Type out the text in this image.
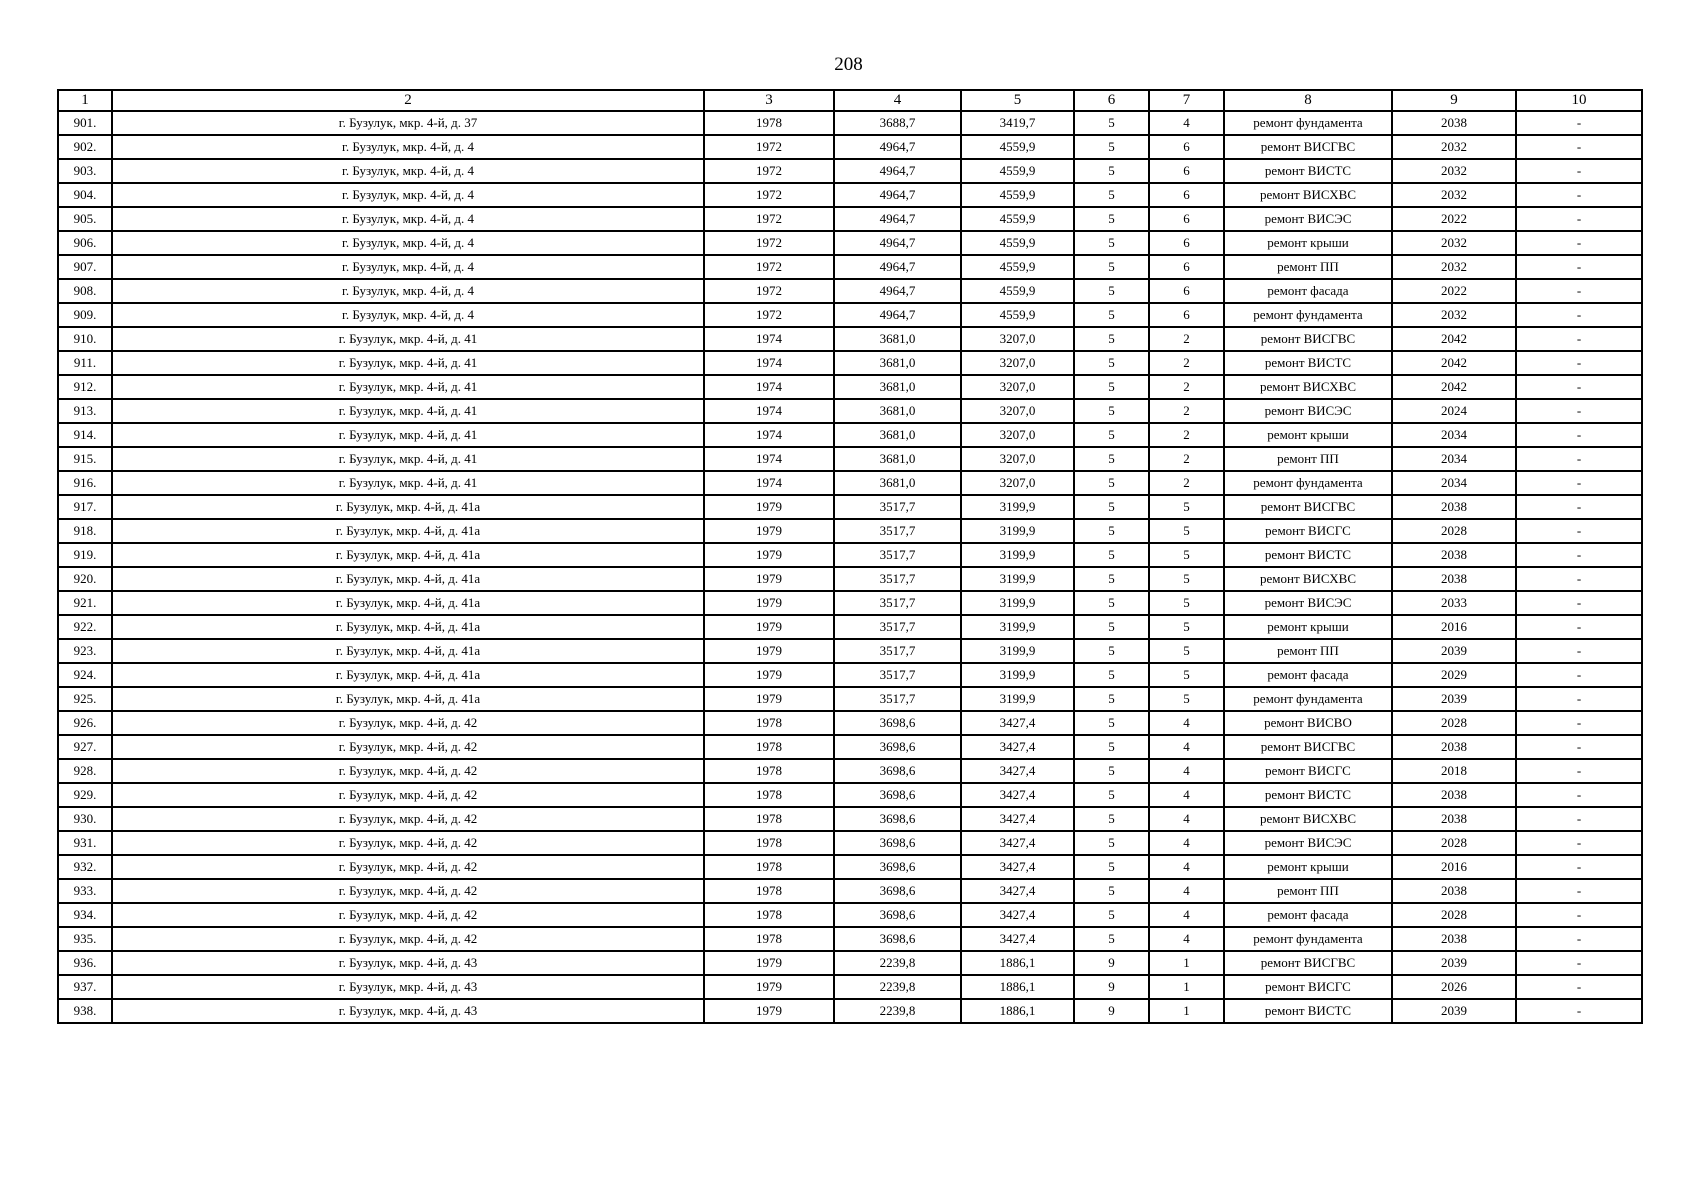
208
1	2	3	4	5	6	7	8	9	10
901.	г. Бузулук, мкр. 4-й, д. 37	1978	3688,7	3419,7	5	4	ремонт фундамента	2038	-
902.	г. Бузулук, мкр. 4-й, д. 4	1972	4964,7	4559,9	5	6	ремонт ВИСГВС	2032	-
903.	г. Бузулук, мкр. 4-й, д. 4	1972	4964,7	4559,9	5	6	ремонт ВИСТС	2032	-
904.	г. Бузулук, мкр. 4-й, д. 4	1972	4964,7	4559,9	5	6	ремонт ВИСХВС	2032	-
905.	г. Бузулук, мкр. 4-й, д. 4	1972	4964,7	4559,9	5	6	ремонт ВИСЭС	2022	-
906.	г. Бузулук, мкр. 4-й, д. 4	1972	4964,7	4559,9	5	6	ремонт крыши	2032	-
907.	г. Бузулук, мкр. 4-й, д. 4	1972	4964,7	4559,9	5	6	ремонт ПП	2032	-
908.	г. Бузулук, мкр. 4-й, д. 4	1972	4964,7	4559,9	5	6	ремонт фасада	2022	-
909.	г. Бузулук, мкр. 4-й, д. 4	1972	4964,7	4559,9	5	6	ремонт фундамента	2032	-
910.	г. Бузулук, мкр. 4-й, д. 41	1974	3681,0	3207,0	5	2	ремонт ВИСГВС	2042	-
911.	г. Бузулук, мкр. 4-й, д. 41	1974	3681,0	3207,0	5	2	ремонт ВИСТС	2042	-
912.	г. Бузулук, мкр. 4-й, д. 41	1974	3681,0	3207,0	5	2	ремонт ВИСХВС	2042	-
913.	г. Бузулук, мкр. 4-й, д. 41	1974	3681,0	3207,0	5	2	ремонт ВИСЭС	2024	-
914.	г. Бузулук, мкр. 4-й, д. 41	1974	3681,0	3207,0	5	2	ремонт крыши	2034	-
915.	г. Бузулук, мкр. 4-й, д. 41	1974	3681,0	3207,0	5	2	ремонт ПП	2034	-
916.	г. Бузулук, мкр. 4-й, д. 41	1974	3681,0	3207,0	5	2	ремонт фундамента	2034	-
917.	г. Бузулук, мкр. 4-й, д. 41а	1979	3517,7	3199,9	5	5	ремонт ВИСГВС	2038	-
918.	г. Бузулук, мкр. 4-й, д. 41а	1979	3517,7	3199,9	5	5	ремонт ВИСГС	2028	-
919.	г. Бузулук, мкр. 4-й, д. 41а	1979	3517,7	3199,9	5	5	ремонт ВИСТС	2038	-
920.	г. Бузулук, мкр. 4-й, д. 41а	1979	3517,7	3199,9	5	5	ремонт ВИСХВС	2038	-
921.	г. Бузулук, мкр. 4-й, д. 41а	1979	3517,7	3199,9	5	5	ремонт ВИСЭС	2033	-
922.	г. Бузулук, мкр. 4-й, д. 41а	1979	3517,7	3199,9	5	5	ремонт крыши	2016	-
923.	г. Бузулук, мкр. 4-й, д. 41а	1979	3517,7	3199,9	5	5	ремонт ПП	2039	-
924.	г. Бузулук, мкр. 4-й, д. 41а	1979	3517,7	3199,9	5	5	ремонт фасада	2029	-
925.	г. Бузулук, мкр. 4-й, д. 41а	1979	3517,7	3199,9	5	5	ремонт фундамента	2039	-
926.	г. Бузулук, мкр. 4-й, д. 42	1978	3698,6	3427,4	5	4	ремонт ВИСВО	2028	-
927.	г. Бузулук, мкр. 4-й, д. 42	1978	3698,6	3427,4	5	4	ремонт ВИСГВС	2038	-
928.	г. Бузулук, мкр. 4-й, д. 42	1978	3698,6	3427,4	5	4	ремонт ВИСГС	2018	-
929.	г. Бузулук, мкр. 4-й, д. 42	1978	3698,6	3427,4	5	4	ремонт ВИСТС	2038	-
930.	г. Бузулук, мкр. 4-й, д. 42	1978	3698,6	3427,4	5	4	ремонт ВИСХВС	2038	-
931.	г. Бузулук, мкр. 4-й, д. 42	1978	3698,6	3427,4	5	4	ремонт ВИСЭС	2028	-
932.	г. Бузулук, мкр. 4-й, д. 42	1978	3698,6	3427,4	5	4	ремонт крыши	2016	-
933.	г. Бузулук, мкр. 4-й, д. 42	1978	3698,6	3427,4	5	4	ремонт ПП	2038	-
934.	г. Бузулук, мкр. 4-й, д. 42	1978	3698,6	3427,4	5	4	ремонт фасада	2028	-
935.	г. Бузулук, мкр. 4-й, д. 42	1978	3698,6	3427,4	5	4	ремонт фундамента	2038	-
936.	г. Бузулук, мкр. 4-й, д. 43	1979	2239,8	1886,1	9	1	ремонт ВИСГВС	2039	-
937.	г. Бузулук, мкр. 4-й, д. 43	1979	2239,8	1886,1	9	1	ремонт ВИСГС	2026	-
938.	г. Бузулук, мкр. 4-й, д. 43	1979	2239,8	1886,1	9	1	ремонт ВИСТС	2039	-
